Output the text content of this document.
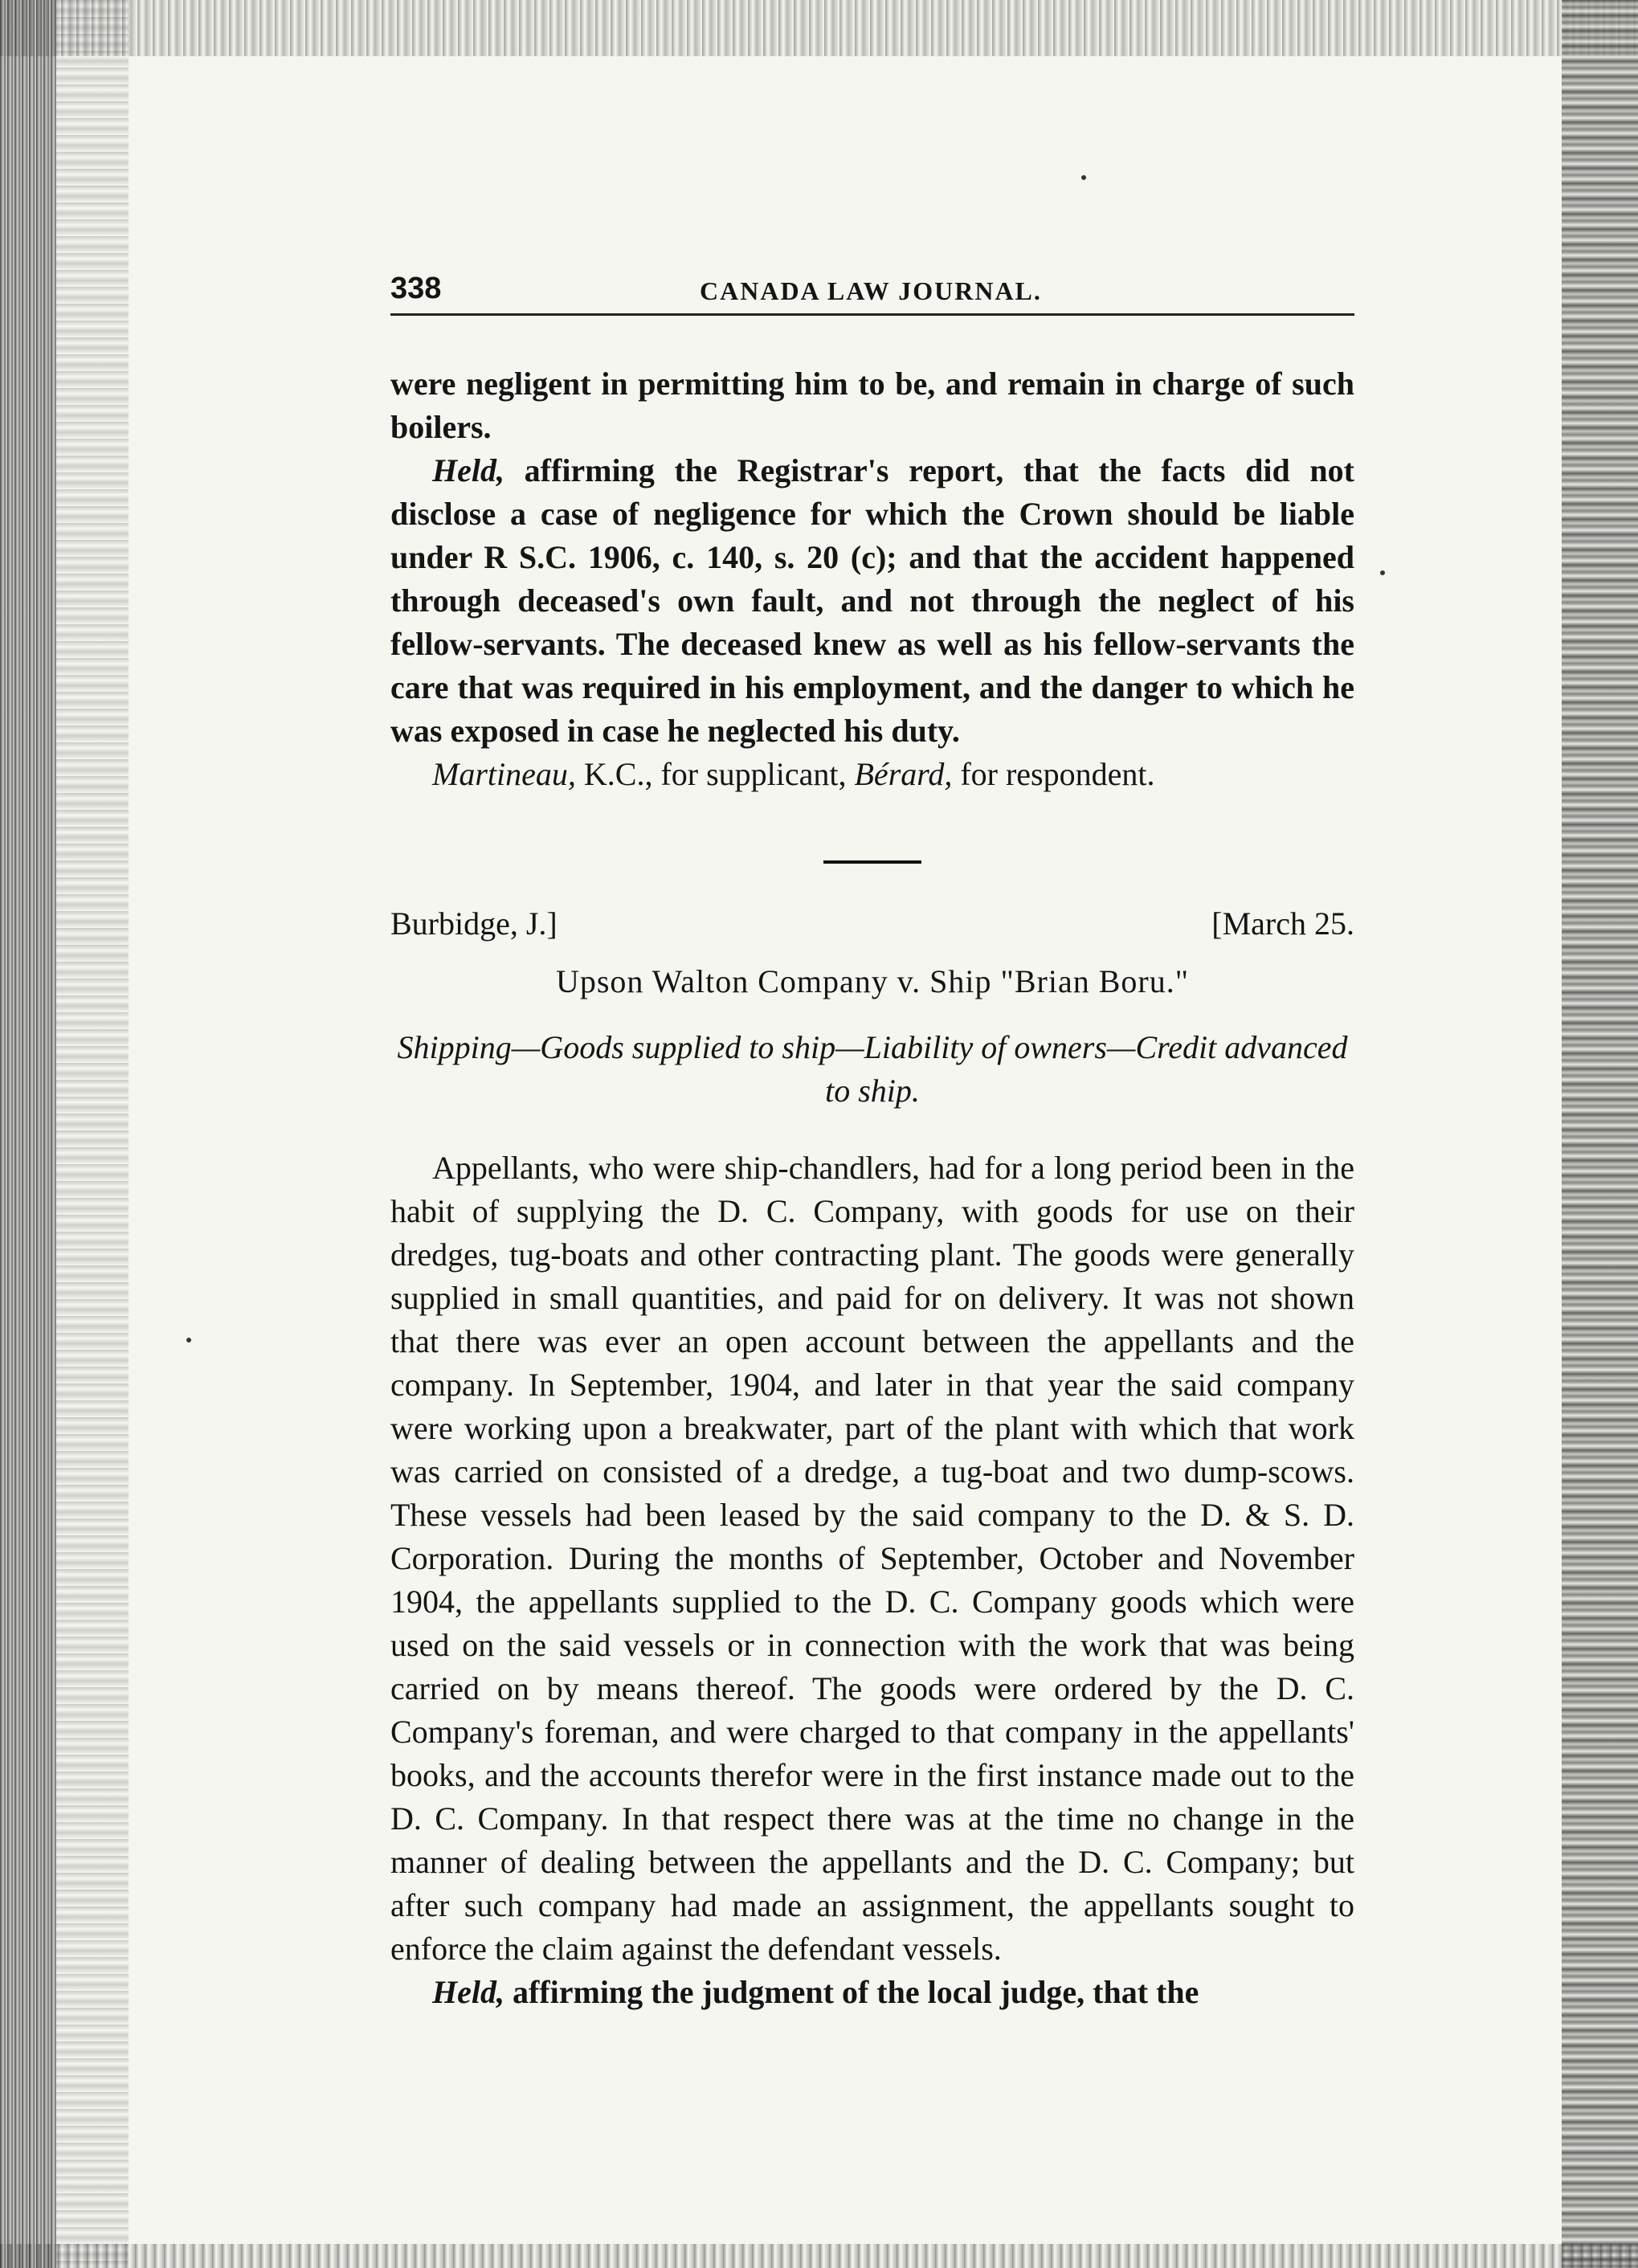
338	CANADA LAW JOURNAL.

were negligent in permitting him to be, and remain in charge of such boilers.

Held, affirming the Registrar's report, that the facts did not disclose a case of negligence for which the Crown should be liable under R S.C. 1906, c. 140, s. 20 (c); and that the accident happened through deceased's own fault, and not through the neglect of his fellow-servants. The deceased knew as well as his fellow-servants the care that was required in his employment, and the danger to which he was exposed in case he neglected his duty.

Martineau, K.C., for supplicant, Bérard, for respondent.

Burbidge, J.]	[March 25.
Upson Walton Company v. Ship "Brian Boru."
Shipping—Goods supplied to ship—Liability of owners—Credit advanced to ship.

Appellants, who were ship-chandlers, had for a long period been in the habit of supplying the D. C. Company, with goods for use on their dredges, tug-boats and other contracting plant. The goods were generally supplied in small quantities, and paid for on delivery. It was not shown that there was ever an open account between the appellants and the company. In September, 1904, and later in that year the said company were working upon a breakwater, part of the plant with which that work was carried on consisted of a dredge, a tug-boat and two dump-scows. These vessels had been leased by the said company to the D. & S. D. Corporation. During the months of September, October and November 1904, the appellants supplied to the D. C. Company goods which were used on the said vessels or in connection with the work that was being carried on by means thereof. The goods were ordered by the D. C. Company's foreman, and were charged to that company in the appellants' books, and the accounts therefor were in the first instance made out to the D. C. Company. In that respect there was at the time no change in the manner of dealing between the appellants and the D. C. Company; but after such company had made an assignment, the appellants sought to enforce the claim against the defendant vessels.

Held, affirming the judgment of the local judge, that the
